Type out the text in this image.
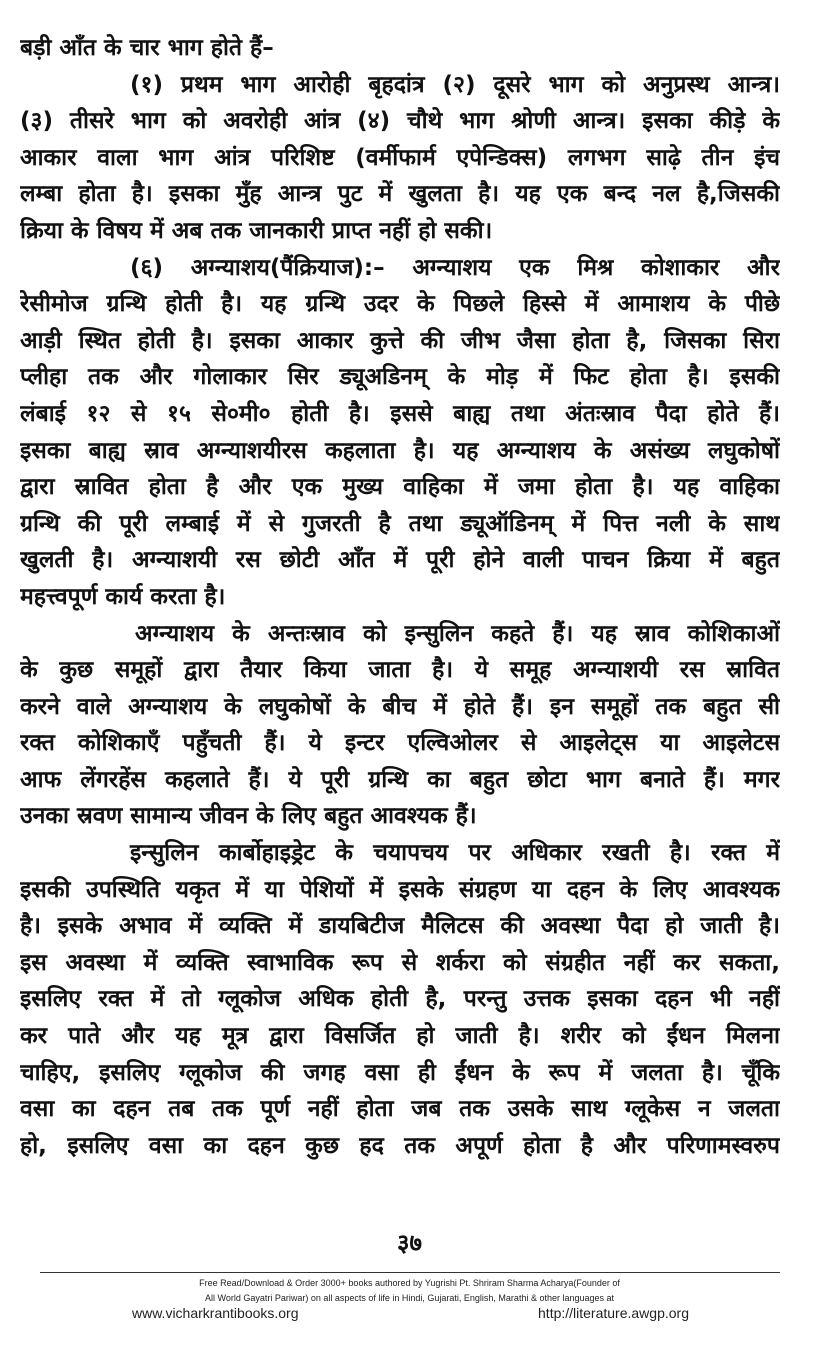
बड़ी आँत के चार भाग होते हैं–
(१) प्रथम भाग आरोही बृहदांत्र (२) दूसरे भाग को अनुप्रस्थ आन्त्र।
(३) तीसरे भाग को अवरोही आंत्र (४) चौथे भाग श्रोणी आन्त्र। इसका कीड़े के
आकार वाला भाग आंत्र परिशिष्ट (वर्मीफार्म एपेन्डिक्स) लगभग साढ़े तीन इंच
लम्बा होता है। इसका मुँह आन्त्र पुट में खुलता है। यह एक बन्द नल है,जिसकी
क्रिया के विषय में अब तक जानकारी प्राप्त नहीं हो सकी।
(६) अग्न्याशय(पैंक्रियाज):– अग्न्याशय एक मिश्र कोशाकार और
रेसीमोज ग्रन्थि होती है। यह ग्रन्थि उदर के पिछले हिस्से में आमाशय के पीछे
आड़ी स्थित होती है। इसका आकार कुत्ते की जीभ जैसा होता है, जिसका सिरा
प्लीहा तक और गोलाकार सिर ड्यूअडिनम् के मोड़ में फिट होता है। इसकी
लंबाई १२ से १५ से०मी० होती है। इससे बाह्य तथा अंतःस्राव पैदा होते हैं।
इसका बाह्य स्राव अग्न्याशयीरस कहलाता है। यह अग्न्याशय के असंख्य लघुकोषों
द्वारा स्रावित होता है और एक मुख्य वाहिका में जमा होता है। यह वाहिका
ग्रन्थि की पूरी लम्बाई में से गुजरती है तथा ड्यूऑडिनम् में पित्त नली के साथ
खुलती है। अग्न्याशयी रस छोटी आँत में पूरी होने वाली पाचन क्रिया में बहुत
महत्त्वपूर्ण कार्य करता है।
अग्न्याशय के अन्तःस्राव को इन्सुलिन कहते हैं। यह स्राव कोशिकाओं
के कुछ समूहों द्वारा तैयार किया जाता है। ये समूह अग्न्याशयी रस स्रावित
करने वाले अग्न्याशय के लघुकोषों के बीच में होते हैं। इन समूहों तक बहुत सी
रक्त कोशिकाएँ पहुँचती हैं। ये इन्टर एल्विओलर से आइलेट्स या आइलेटस
आफ लेंगरहेंस कहलाते हैं। ये पूरी ग्रन्थि का बहुत छोटा भाग बनाते हैं। मगर
उनका स्रवण सामान्य जीवन के लिए बहुत आवश्यक हैं।
इन्सुलिन कार्बोहाइड्रेट के चयापचय पर अधिकार रखती है। रक्त में
इसकी उपस्थिति यकृत में या पेशियों में इसके संग्रहण या दहन के लिए आवश्यक
है। इसके अभाव में व्यक्ति में डायबिटीज मैलिटस की अवस्था पैदा हो जाती है।
इस अवस्था में व्यक्ति स्वाभाविक रूप से शर्करा को संग्रहीत नहीं कर सकता,
इसलिए रक्त में तो ग्लूकोज अधिक होती है, परन्तु उत्तक इसका दहन भी नहीं
कर पाते और यह मूत्र द्वारा विसर्जित हो जाती है। शरीर को ईंधन मिलना
चाहिए, इसलिए ग्लूकोज की जगह वसा ही ईंधन के रूप में जलता है। चूँकि
वसा का दहन तब तक पूर्ण नहीं होता जब तक उसके साथ ग्लूकेस न जलता
हो, इसलिए वसा का दहन कुछ हद तक अपूर्ण होता है और परिणामस्वरुप
३७
Free Read/Download & Order 3000+ books authored by Yugrishi Pt. Shriram Sharma Acharya(Founder of
All World Gayatri Pariwar) on all aspects of life in Hindi, Gujarati, English, Marathi & other languages at
www.vicharkrantibooks.org	http://literature.awgp.org
